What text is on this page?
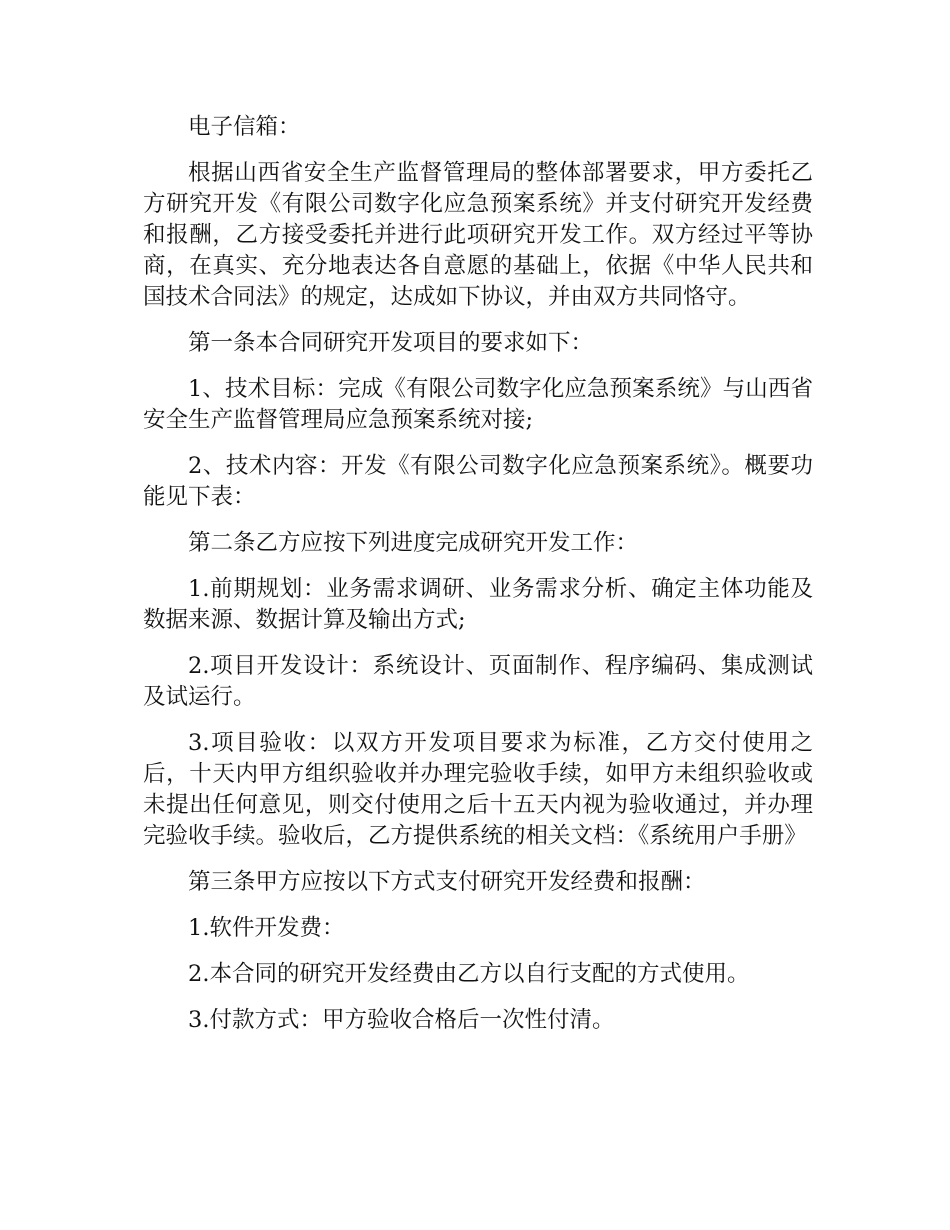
电子信箱：

根据山西省安全生产监督管理局的整体部署要求，甲方委托乙方研究开发《有限公司数字化应急预案系统》并支付研究开发经费和报酬，乙方接受委托并进行此项研究开发工作。双方经过平等协商，在真实、充分地表达各自意愿的基础上，依据《中华人民共和国技术合同法》的规定，达成如下协议，并由双方共同恪守。

第一条本合同研究开发项目的要求如下：

1、技术目标：完成《有限公司数字化应急预案系统》与山西省安全生产监督管理局应急预案系统对接;

2、技术内容：开发《有限公司数字化应急预案系统》。概要功能见下表：

第二条乙方应按下列进度完成研究开发工作：

1.前期规划：业务需求调研、业务需求分析、确定主体功能及数据来源、数据计算及输出方式;

2.项目开发设计：系统设计、页面制作、程序编码、集成测试及试运行。

3.项目验收：以双方开发项目要求为标准，乙方交付使用之后，十天内甲方组织验收并办理完验收手续，如甲方未组织验收或未提出任何意见，则交付使用之后十五天内视为验收通过，并办理完验收手续。验收后，乙方提供系统的相关文档：《系统用户手册》

第三条甲方应按以下方式支付研究开发经费和报酬：

1.软件开发费：

2.本合同的研究开发经费由乙方以自行支配的方式使用。

3.付款方式：甲方验收合格后一次性付清。
